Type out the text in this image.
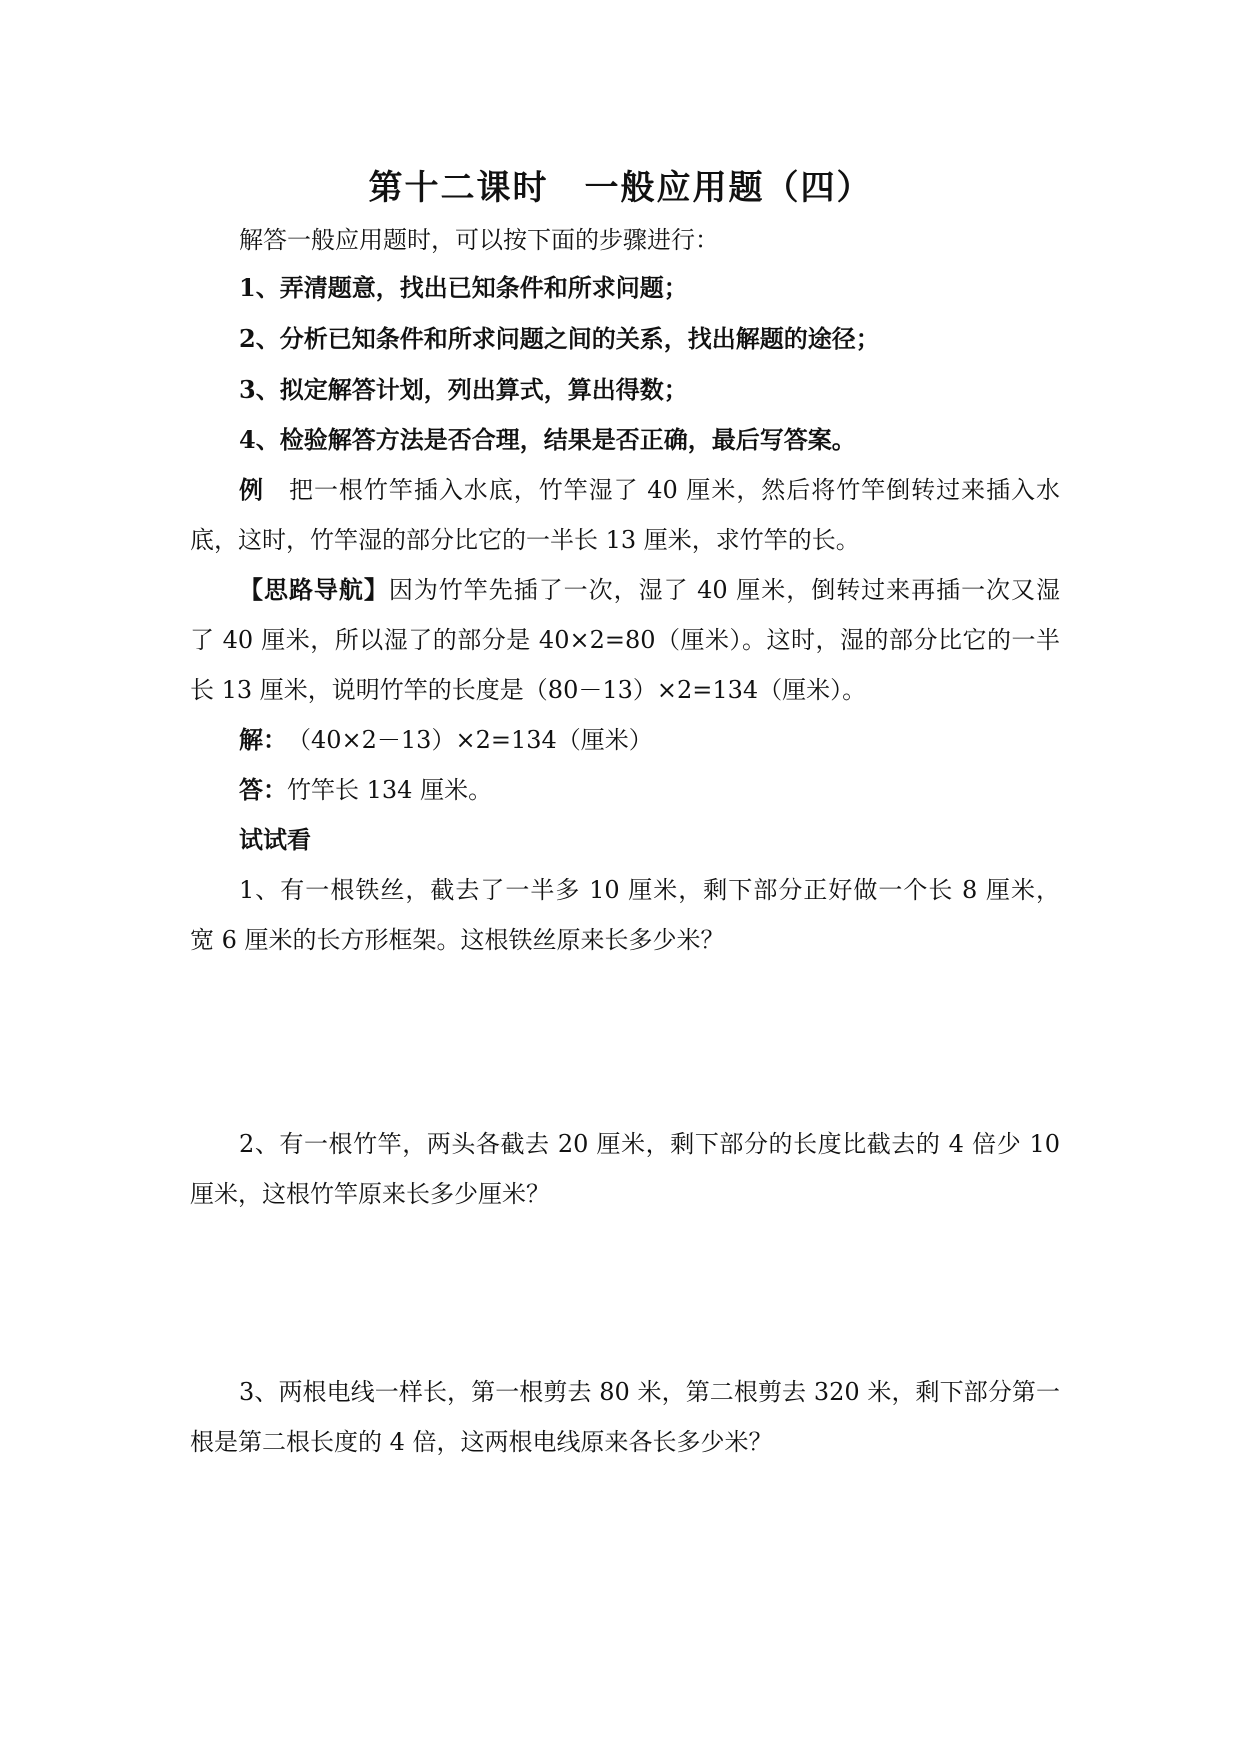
第十二课时　一般应用题（四）
解答一般应用题时，可以按下面的步骤进行：
1、弄清题意，找出已知条件和所求问题；
2、分析已知条件和所求问题之间的关系，找出解题的途径；
3、拟定解答计划，列出算式，算出得数；
4、检验解答方法是否合理，结果是否正确，最后写答案。
例　 把一根竹竿插入水底，竹竿湿了 40 厘米，然后将竹竿倒转过来插入水
底，这时，竹竿湿的部分比它的一半长 13 厘米，求竹竿的长。
【思路导航】因为竹竿先插了一次，湿了 40 厘米，倒转过来再插一次又湿
了 40 厘米，所以湿了的部分是 40×2=80（厘米）。这时，湿的部分比它的一半
长 13 厘米，说明竹竿的长度是（80－13）×2=134（厘米）。
解：　 （40×2－13）×2=134（厘米）
答：竹竿长 134 厘米。
试试看
1、有一根铁丝，截去了一半多 10 厘米，剩下部分正好做一个长 8 厘米，
宽 6 厘米的长方形框架。这根铁丝原来长多少米？
2、有一根竹竿，两头各截去 20 厘米，剩下部分的长度比截去的 4 倍少 10
厘米，这根竹竿原来长多少厘米？
3、两根电线一样长，第一根剪去 80 米，第二根剪去 320 米，剩下部分第一
根是第二根长度的 4 倍，这两根电线原来各长多少米？
